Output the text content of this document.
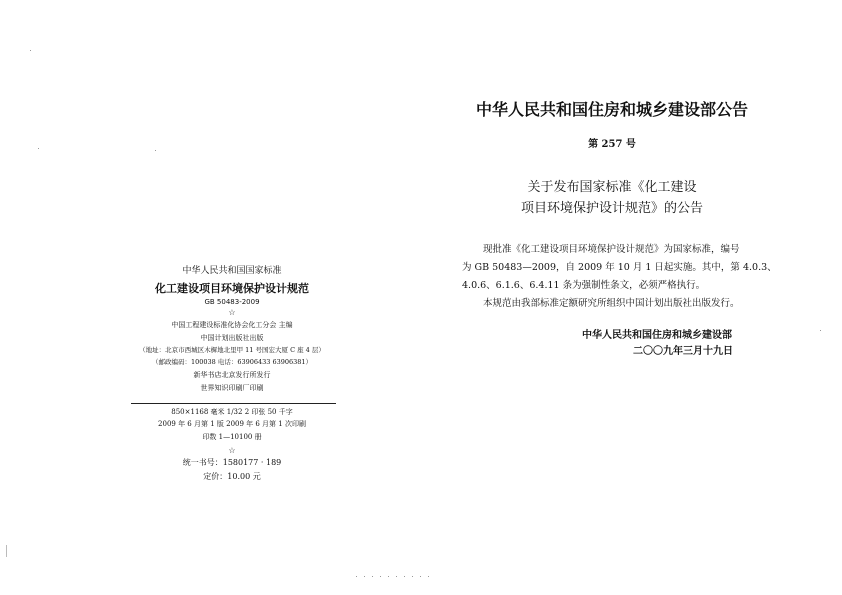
中华人民共和国国家标准
化工建设项目环境保护设计规范
GB 50483-2009
☆
中国工程建设标准化协会化工分会 主编
中国计划出版社出版
（地址：北京市西城区木樨地北里甲 11 号国宏大厦 C 座 4 层）
（邮政编码：100038 电话：63906433 63906381）
新华书店北京发行所发行
世界知识印刷厂印刷
850×1168 毫米 1/32 2 印张 50 千字
2009 年 6 月第 1 版 2009 年 6 月第 1 次印刷
印数 1—10100 册
☆
统一书号：1580177 · 189
定价：10.00 元
中华人民共和国住房和城乡建设部公告
第 257 号
关于发布国家标准《化工建设
项目环境保护设计规范》的公告
现批准《化工建设项目环境保护设计规范》为国家标准，编号
为 GB 50483—2009，自 2009 年 10 月 1 日起实施。其中，第 4.0.3、
4.0.6、6.1.6、6.4.11 条为强制性条文，必须严格执行。
本规范由我部标准定额研究所组织中国计划出版社出版发行。
中华人民共和国住房和城乡建设部
二〇〇九年三月十九日
